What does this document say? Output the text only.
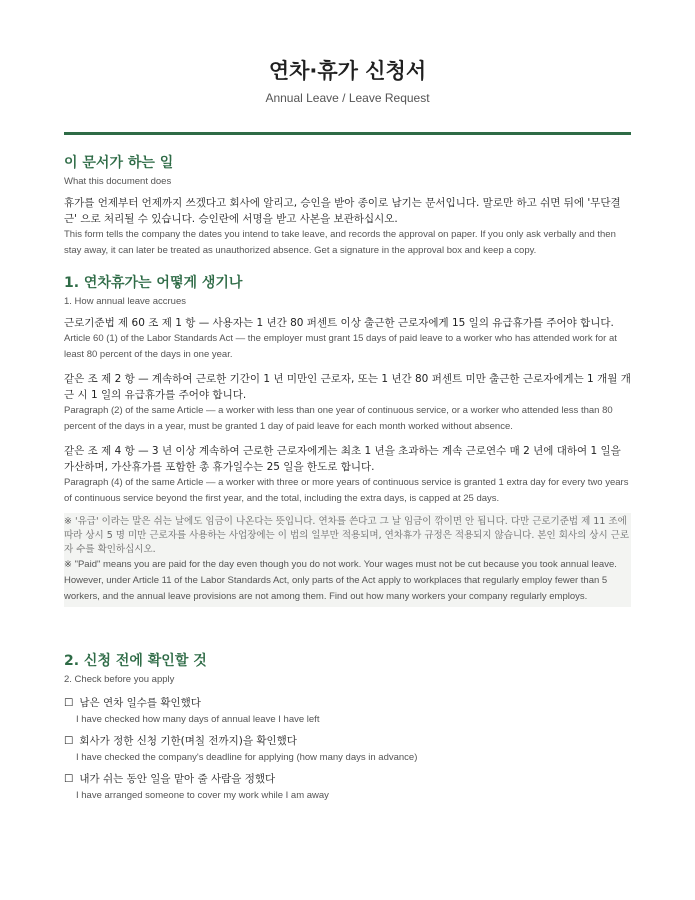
연차·휴가 신청서
Annual Leave / Leave Request
이 문서가 하는 일
What this document does
휴가를 언제부터 언제까지 쓰겠다고 회사에 알리고, 승인을 받아 종이로 남기는 문서입니다. 말로만 하고 쉬면 뒤에 '무단결근' 으로 처리될 수 있습니다. 승인란에 서명을 받고 사본을 보관하십시오.
This form tells the company the dates you intend to take leave, and records the approval on paper. If you only ask verbally and then stay away, it can later be treated as unauthorized absence. Get a signature in the approval box and keep a copy.
1. 연차휴가는 어떻게 생기나
1. How annual leave accrues
근로기준법 제 60 조 제 1 항 — 사용자는 1 년간 80 퍼센트 이상 출근한 근로자에게 15 일의 유급휴가를 주어야 합니다.
Article 60 (1) of the Labor Standards Act — the employer must grant 15 days of paid leave to a worker who has attended work for at least 80 percent of the days in one year.
같은 조 제 2 항 — 계속하여 근로한 기간이 1 년 미만인 근로자, 또는 1 년간 80 퍼센트 미만 출근한 근로자에게는 1 개월 개근 시 1 일의 유급휴가를 주어야 합니다.
Paragraph (2) of the same Article — a worker with less than one year of continuous service, or a worker who attended less than 80 percent of the days in a year, must be granted 1 day of paid leave for each month worked without absence.
같은 조 제 4 항 — 3 년 이상 계속하여 근로한 근로자에게는 최초 1 년을 초과하는 계속 근로연수 매 2 년에 대하여 1 일을 가산하며, 가산휴가를 포함한 총 휴가일수는 25 일을 한도로 합니다.
Paragraph (4) of the same Article — a worker with three or more years of continuous service is granted 1 extra day for every two years of continuous service beyond the first year, and the total, including the extra days, is capped at 25 days.
※ '유급' 이라는 말은 쉬는 날에도 임금이 나온다는 뜻입니다. 연차를 쓴다고 그 날 임금이 깎이면 안 됩니다. 다만 근로기준법 제 11 조에 따라 상시 5 명 미만 근로자를 사용하는 사업장에는 이 법의 일부만 적용되며, 연차휴가 규정은 적용되지 않습니다. 본인 회사의 상시 근로자 수를 확인하십시오.
※ "Paid" means you are paid for the day even though you do not work. Your wages must not be cut because you took annual leave. However, under Article 11 of the Labor Standards Act, only parts of the Act apply to workplaces that regularly employ fewer than 5 workers, and the annual leave provisions are not among them. Find out how many workers your company regularly employs.
2. 신청 전에 확인할 것
2. Check before you apply
☐ 남은 연차 일수를 확인했다
I have checked how many days of annual leave I have left
☐ 회사가 정한 신청 기한(며칠 전까지)을 확인했다
I have checked the company's deadline for applying (how many days in advance)
☐ 내가 쉬는 동안 일을 맡아 줄 사람을 정했다
I have arranged someone to cover my work while I am away
